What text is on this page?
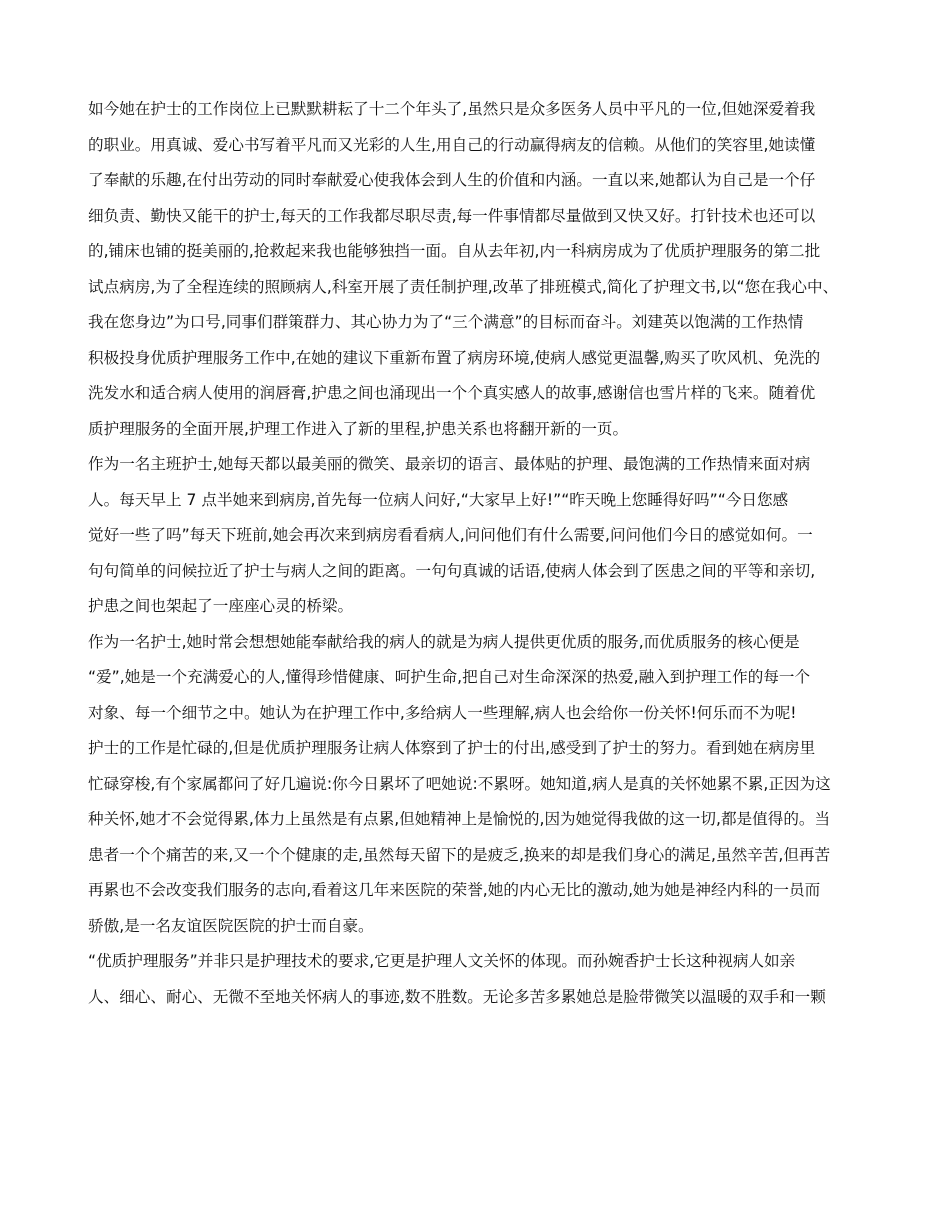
如今她在护士的工作岗位上已默默耕耘了十二个年头了,虽然只是众多医务人员中平凡的一位,但她深爱着我
的职业。用真诚、爱心书写着平凡而又光彩的人生,用自己的行动赢得病友的信赖。从他们的笑容里,她读懂
了奉献的乐趣,在付出劳动的同时奉献爱心使我体会到人生的价值和内涵。一直以来,她都认为自己是一个仔
细负责、勤快又能干的护士,每天的工作我都尽职尽责,每一件事情都尽量做到又快又好。打针技术也还可以
的,铺床也铺的挺美丽的,抢救起来我也能够独挡一面。自从去年初,内一科病房成为了优质护理服务的第二批
试点病房,为了全程连续的照顾病人,科室开展了责任制护理,改革了排班模式,简化了护理文书,以“您在我心中、
我在您身边”为口号,同事们群策群力、其心协力为了“三个满意”的目标而奋斗。刘建英以饱满的工作热情
积极投身优质护理服务工作中,在她的建议下重新布置了病房环境,使病人感觉更温馨,购买了吹风机、免洗的
洗发水和适合病人使用的润唇膏,护患之间也涌现出一个个真实感人的故事,感谢信也雪片样的飞来。随着优
质护理服务的全面开展,护理工作进入了新的里程,护患关系也将翻开新的一页。
作为一名主班护士,她每天都以最美丽的微笑、最亲切的语言、最体贴的护理、最饱满的工作热情来面对病
人。每天早上 7 点半她来到病房,首先每一位病人问好,“大家早上好!”“昨天晚上您睡得好吗”“今日您感
觉好一些了吗”每天下班前,她会再次来到病房看看病人,问问他们有什么需要,问问他们今日的感觉如何。一
句句简单的问候拉近了护士与病人之间的距离。一句句真诚的话语,使病人体会到了医患之间的平等和亲切,
护患之间也架起了一座座心灵的桥梁。
作为一名护士,她时常会想想她能奉献给我的病人的就是为病人提供更优质的服务,而优质服务的核心便是
“爱”,她是一个充满爱心的人,懂得珍惜健康、呵护生命,把自己对生命深深的热爱,融入到护理工作的每一个
对象、每一个细节之中。她认为在护理工作中,多给病人一些理解,病人也会给你一份关怀!何乐而不为呢!
护士的工作是忙碌的,但是优质护理服务让病人体察到了护士的付出,感受到了护士的努力。看到她在病房里
忙碌穿梭,有个家属都问了好几遍说:你今日累坏了吧她说:不累呀。她知道,病人是真的关怀她累不累,正因为这
种关怀,她才不会觉得累,体力上虽然是有点累,但她精神上是愉悦的,因为她觉得我做的这一切,都是值得的。当
患者一个个痛苦的来,又一个个健康的走,虽然每天留下的是疲乏,换来的却是我们身心的满足,虽然辛苦,但再苦
再累也不会改变我们服务的志向,看着这几年来医院的荣誉,她的内心无比的激动,她为她是神经内科的一员而
骄傲,是一名友谊医院医院的护士而自豪。
“优质护理服务”并非只是护理技术的要求,它更是护理人文关怀的体现。而孙婉香护士长这种视病人如亲
人、细心、耐心、无微不至地关怀病人的事迹,数不胜数。无论多苦多累她总是脸带微笑以温暖的双手和一颗
